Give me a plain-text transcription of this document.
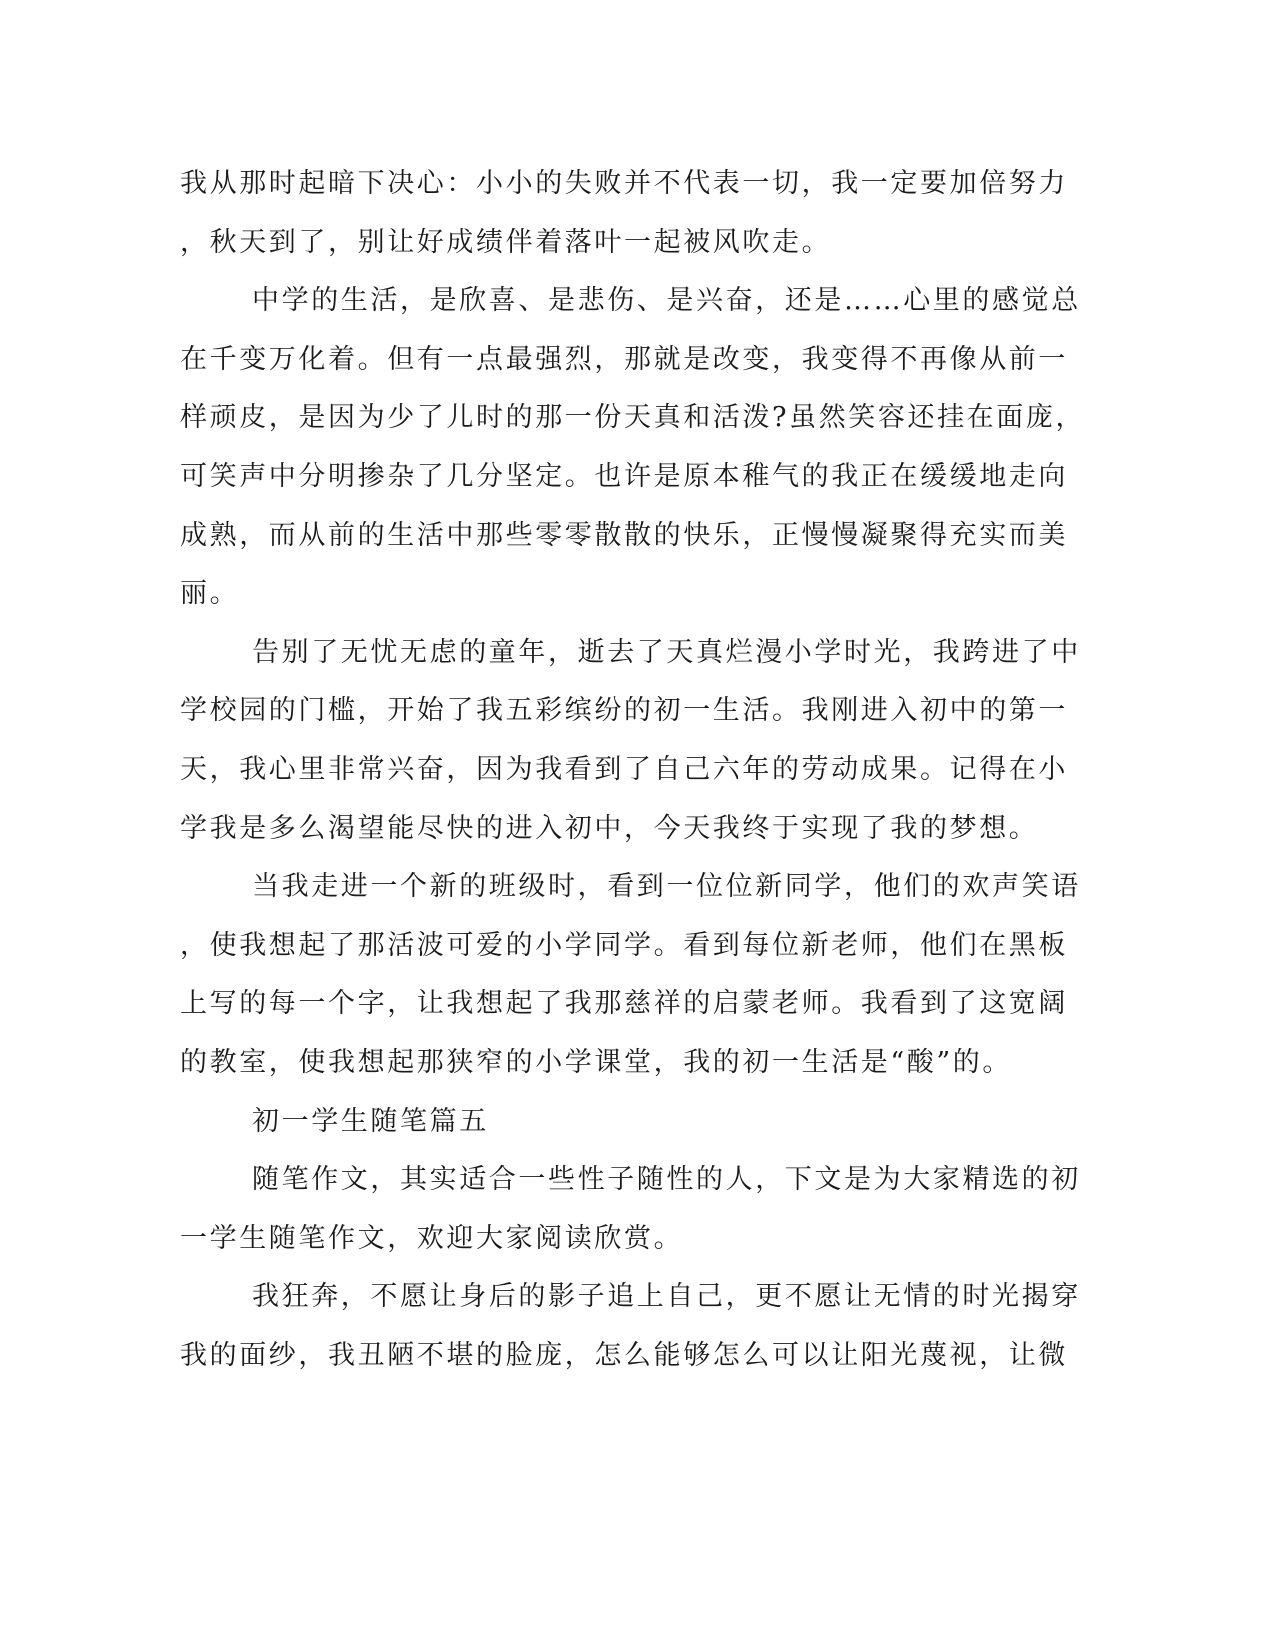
我从那时起暗下决心：小小的失败并不代表一切，我一定要加倍努力
，秋天到了，别让好成绩伴着落叶一起被风吹走。
中学的生活，是欣喜、是悲伤、是兴奋，还是……心里的感觉总
在千变万化着。但有一点最强烈，那就是改变，我变得不再像从前一
样顽皮，是因为少了儿时的那一份天真和活泼?虽然笑容还挂在面庞，
可笑声中分明掺杂了几分坚定。也许是原本稚气的我正在缓缓地走向
成熟，而从前的生活中那些零零散散的快乐，正慢慢凝聚得充实而美
丽。
告别了无忧无虑的童年，逝去了天真烂漫小学时光，我跨进了中
学校园的门槛，开始了我五彩缤纷的初一生活。我刚进入初中的第一
天，我心里非常兴奋，因为我看到了自己六年的劳动成果。记得在小
学我是多么渴望能尽快的进入初中，今天我终于实现了我的梦想。
当我走进一个新的班级时，看到一位位新同学，他们的欢声笑语
，使我想起了那活波可爱的小学同学。看到每位新老师，他们在黑板
上写的每一个字，让我想起了我那慈祥的启蒙老师。我看到了这宽阔
的教室，使我想起那狭窄的小学课堂，我的初一生活是“酸”的。
初一学生随笔篇五
随笔作文，其实适合一些性子随性的人，下文是为大家精选的初
一学生随笔作文，欢迎大家阅读欣赏。
我狂奔，不愿让身后的影子追上自己，更不愿让无情的时光揭穿
我的面纱，我丑陋不堪的脸庞，怎么能够怎么可以让阳光蔑视，让微
